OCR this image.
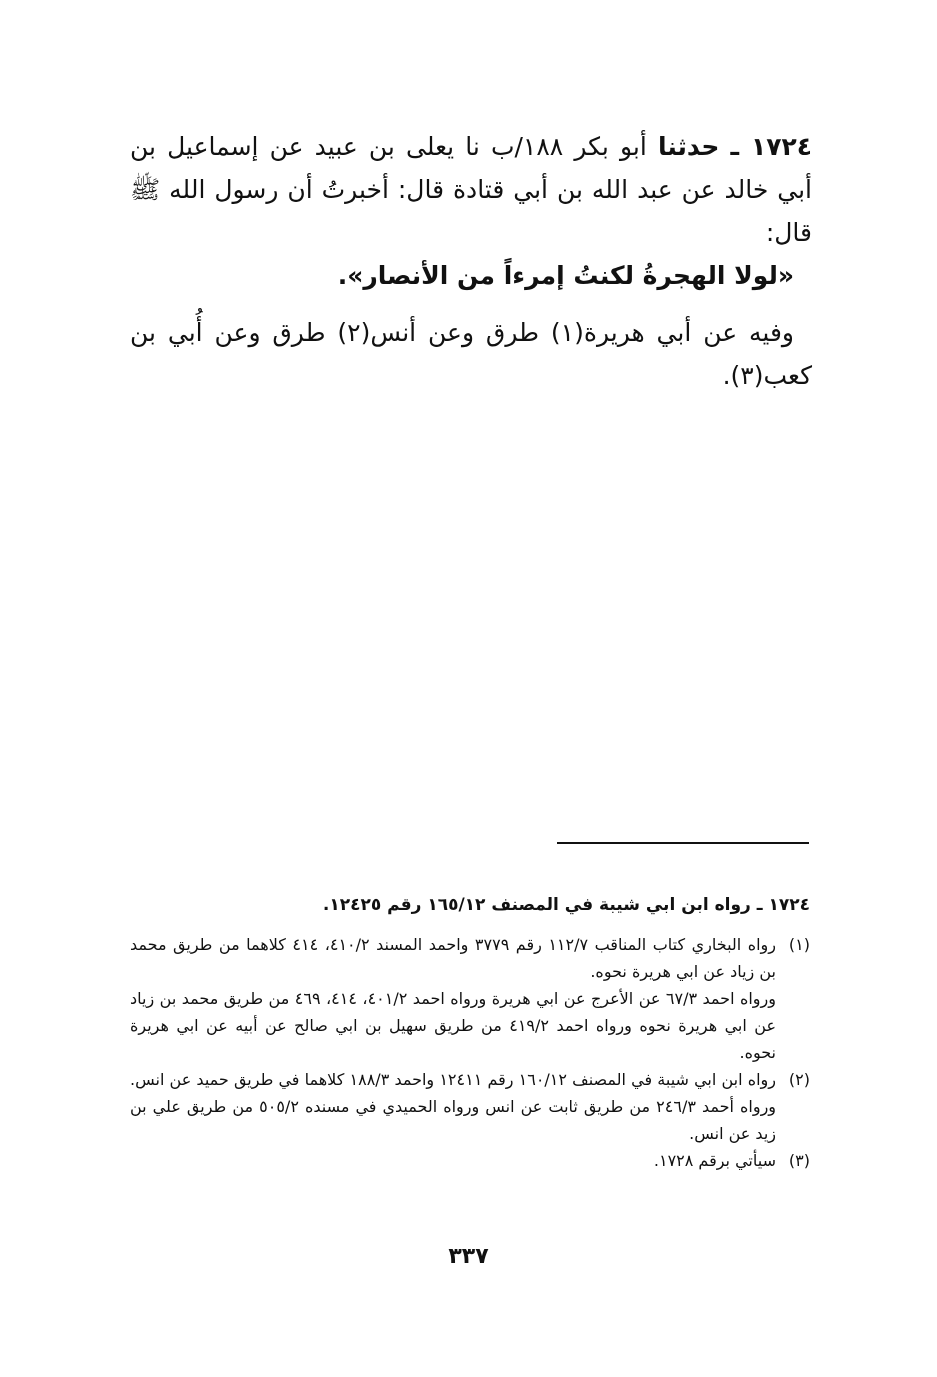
١٧٢٤ ـ حدثنا أبو بكر ١٨٨/ب نا يعلى بن عبيد عن إسماعيل بن أبي خالد عن عبد الله بن أبي قتادة قال: أخبرتُ أن رسول الله ﷺ قال:

«لولا الهجرةُ لكنتُ إمرءاً من الأنصار».

وفيه عن أبي هريرة(١) طرق وعن أنس(٢) طرق وعن أُبي بن كعب(٣).

١٧٢٤ ـ رواه ابن ابي شيبة في المصنف ١٦٥/١٢ رقم ١٢٤٢٥.

(١)
رواه البخاري كتاب المناقب ١١٢/٧ رقم ٣٧٧٩ واحمد المسند ٤١٠/٢، ٤١٤ كلاهما من طريق محمد بن زياد عن ابي هريرة نحوه.

ورواه احمد ٦٧/٣ عن الأعرج عن ابي هريرة ورواه احمد ٤٠١/٢، ٤١٤، ٤٦٩ من طريق محمد بن زياد عن ابي هريرة نحوه ورواه احمد ٤١٩/٢ من طريق سهيل بن ابي صالح عن أبيه عن ابي هريرة نحوه.

(٢)
رواه ابن ابي شيبة في المصنف ١٦٠/١٢ رقم ١٢٤١١ واحمد ١٨٨/٣ كلاهما في طريق حميد عن انس. ورواه أحمد ٢٤٦/٣ من طريق ثابت عن انس ورواه الحميدي في مسنده ٥٠٥/٢ من طريق علي بن زيد عن انس.

(٣)
سيأتي برقم ١٧٢٨.

٣٣٧
